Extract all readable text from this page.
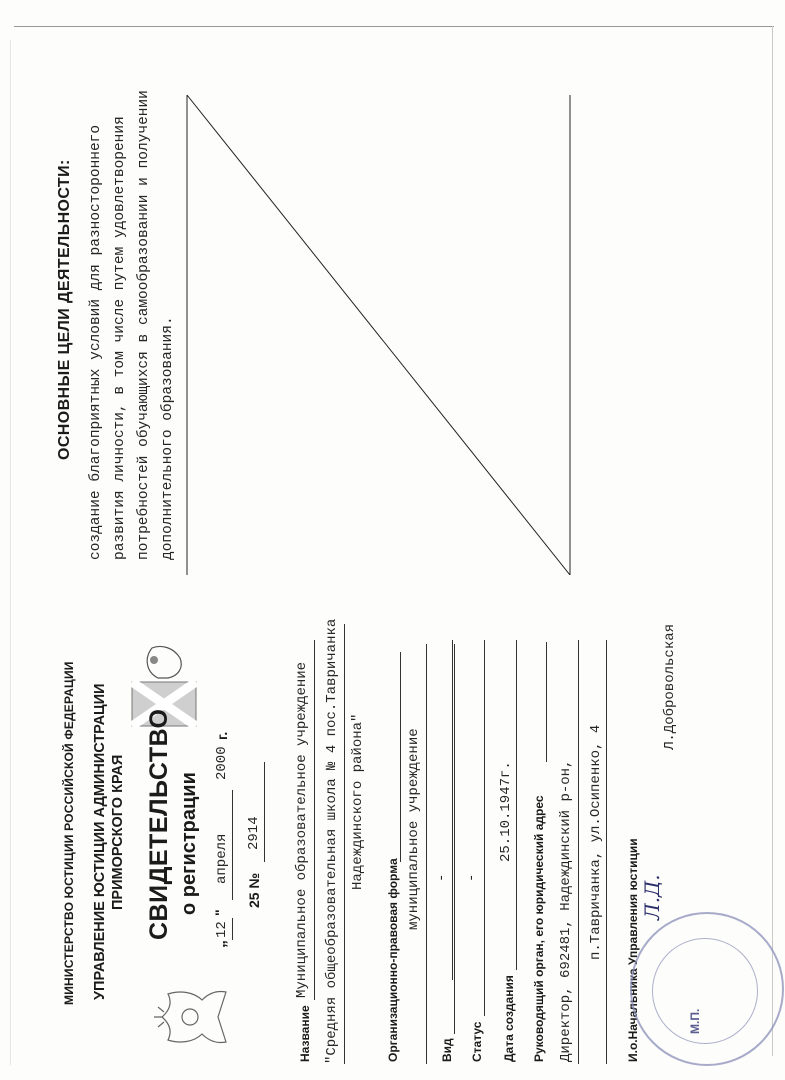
МИНИСТЕРСТВО ЮСТИЦИИ РОССИЙСКОЙ ФЕДЕРАЦИИ УПРАВЛЕНИЕ ЮСТИЦИИ АДМИНИСТРАЦИИ ПРИМОРСКОГО КРАЯ СВИДЕТЕЛЬСТВО о регистрации
„
12
"
апреля
2000
г.
25 №
2914
Название
Муниципальное образовательное учреждение "Средняя общеобразовательная школа № 4 пос.Тавричанка Надеждинского района"
Организационно-правовая форма
муниципальное учреждение
Вид
-
Статус
-
Дата создания
25.10.1947г. Руководящий орган, его юридический адрес Директор, 692481, Надеждинский р-он, п.Тавричанка, ул.Осипенко, 4 И.о.Начальника Управления юстиции
Л.Добровольская
М.П.
Л.Д.
ОСНОВНЫЕ ЦЕЛИ ДЕЯТЕЛЬНОСТИ: создание благоприятных условий для разностороннего развития личности, в том числе путем удовлетворения потребностей обучающихся в самообразовании и получении дополнительного образования.
